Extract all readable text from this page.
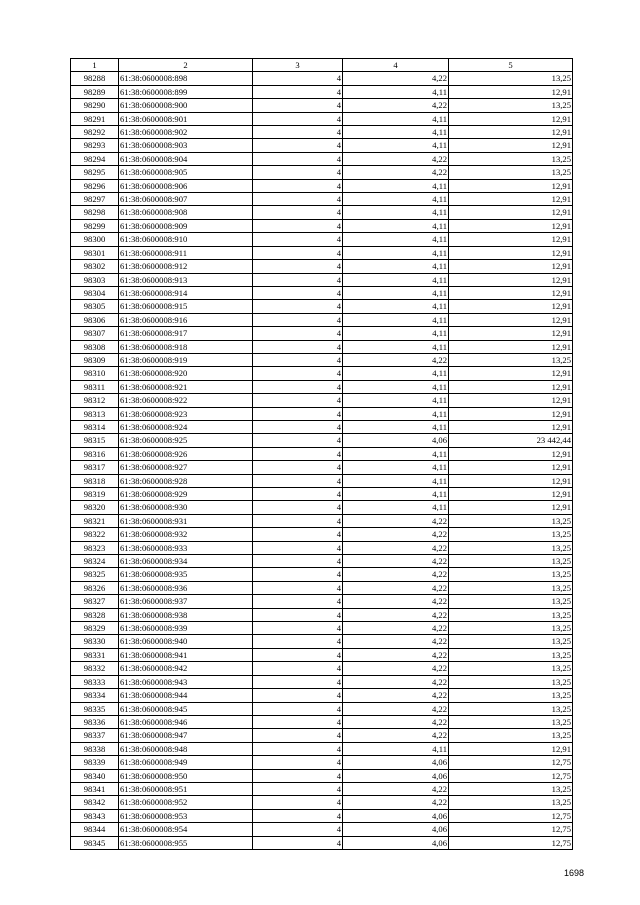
1	2	3	4	5
98288	61:38:0600008:898	4	4,22	13,25
98289	61:38:0600008:899	4	4,11	12,91
98290	61:38:0600008:900	4	4,22	13,25
98291	61:38:0600008:901	4	4,11	12,91
98292	61:38:0600008:902	4	4,11	12,91
98293	61:38:0600008:903	4	4,11	12,91
98294	61:38:0600008:904	4	4,22	13,25
98295	61:38:0600008:905	4	4,22	13,25
98296	61:38:0600008:906	4	4,11	12,91
98297	61:38:0600008:907	4	4,11	12,91
98298	61:38:0600008:908	4	4,11	12,91
98299	61:38:0600008:909	4	4,11	12,91
98300	61:38:0600008:910	4	4,11	12,91
98301	61:38:0600008:911	4	4,11	12,91
98302	61:38:0600008:912	4	4,11	12,91
98303	61:38:0600008:913	4	4,11	12,91
98304	61:38:0600008:914	4	4,11	12,91
98305	61:38:0600008:915	4	4,11	12,91
98306	61:38:0600008:916	4	4,11	12,91
98307	61:38:0600008:917	4	4,11	12,91
98308	61:38:0600008:918	4	4,11	12,91
98309	61:38:0600008:919	4	4,22	13,25
98310	61:38:0600008:920	4	4,11	12,91
98311	61:38:0600008:921	4	4,11	12,91
98312	61:38:0600008:922	4	4,11	12,91
98313	61:38:0600008:923	4	4,11	12,91
98314	61:38:0600008:924	4	4,11	12,91
98315	61:38:0600008:925	4	4,06	23 442,44
98316	61:38:0600008:926	4	4,11	12,91
98317	61:38:0600008:927	4	4,11	12,91
98318	61:38:0600008:928	4	4,11	12,91
98319	61:38:0600008:929	4	4,11	12,91
98320	61:38:0600008:930	4	4,11	12,91
98321	61:38:0600008:931	4	4,22	13,25
98322	61:38:0600008:932	4	4,22	13,25
98323	61:38:0600008:933	4	4,22	13,25
98324	61:38:0600008:934	4	4,22	13,25
98325	61:38:0600008:935	4	4,22	13,25
98326	61:38:0600008:936	4	4,22	13,25
98327	61:38:0600008:937	4	4,22	13,25
98328	61:38:0600008:938	4	4,22	13,25
98329	61:38:0600008:939	4	4,22	13,25
98330	61:38:0600008:940	4	4,22	13,25
98331	61:38:0600008:941	4	4,22	13,25
98332	61:38:0600008:942	4	4,22	13,25
98333	61:38:0600008:943	4	4,22	13,25
98334	61:38:0600008:944	4	4,22	13,25
98335	61:38:0600008:945	4	4,22	13,25
98336	61:38:0600008:946	4	4,22	13,25
98337	61:38:0600008:947	4	4,22	13,25
98338	61:38:0600008:948	4	4,11	12,91
98339	61:38:0600008:949	4	4,06	12,75
98340	61:38:0600008:950	4	4,06	12,75
98341	61:38:0600008:951	4	4,22	13,25
98342	61:38:0600008:952	4	4,22	13,25
98343	61:38:0600008:953	4	4,06	12,75
98344	61:38:0600008:954	4	4,06	12,75
98345	61:38:0600008:955	4	4,06	12,75
1698
